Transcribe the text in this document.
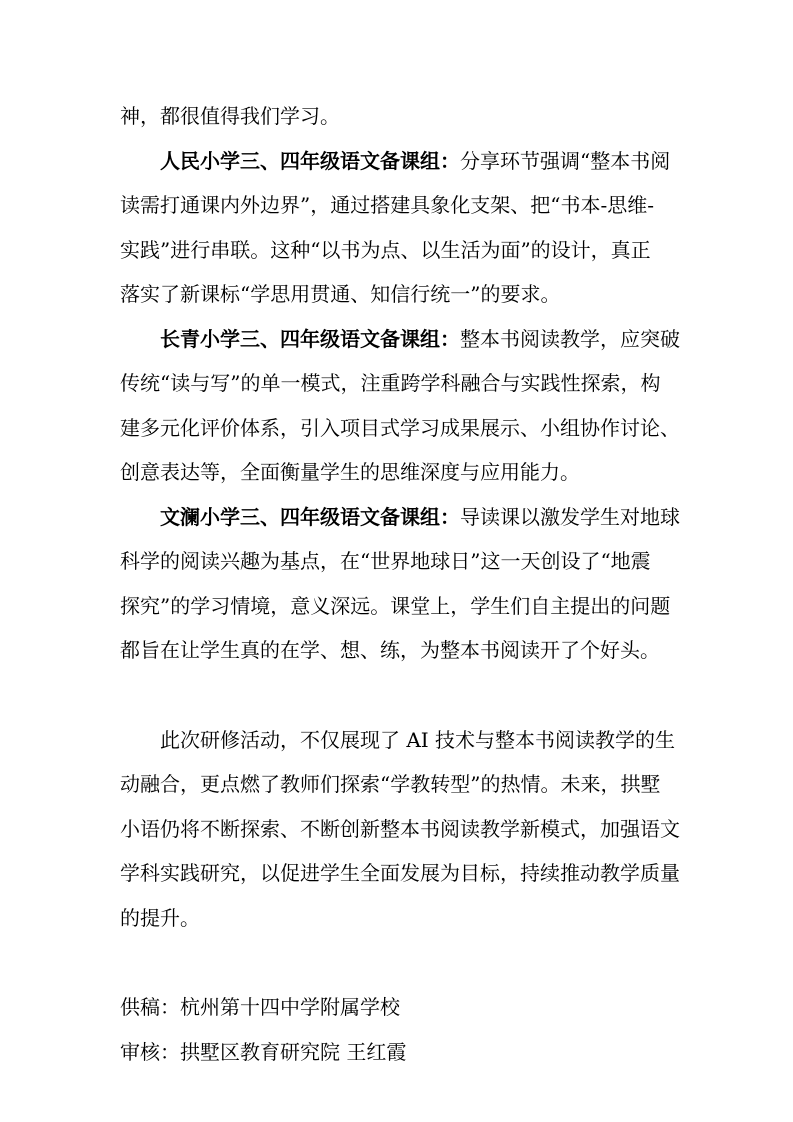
神，都很值得我们学习。
人民小学三、四年级语文备课组：分享环节强调“整本书阅
读需打通课内外边界”，通过搭建具象化支架、把“书本-思维-
实践”进行串联。这种“以书为点、以生活为面”的设计，真正
落实了新课标“学思用贯通、知信行统一”的要求。
长青小学三、四年级语文备课组：整本书阅读教学，应突破
传统“读与写”的单一模式，注重跨学科融合与实践性探索，构
建多元化评价体系，引入项目式学习成果展示、小组协作讨论、
创意表达等，全面衡量学生的思维深度与应用能力。
文澜小学三、四年级语文备课组：导读课以激发学生对地球
科学的阅读兴趣为基点，在“世界地球日”这一天创设了“地震
探究”的学习情境，意义深远。课堂上，学生们自主提出的问题
都旨在让学生真的在学、想、练，为整本书阅读开了个好头。
此次研修活动，不仅展现了 AI 技术与整本书阅读教学的生
动融合，更点燃了教师们探索“学教转型”的热情。未来，拱墅
小语仍将不断探索、不断创新整本书阅读教学新模式，加强语文
学科实践研究，以促进学生全面发展为目标，持续推动教学质量
的提升。
供稿：杭州第十四中学附属学校
审核：拱墅区教育研究院 王红霞
